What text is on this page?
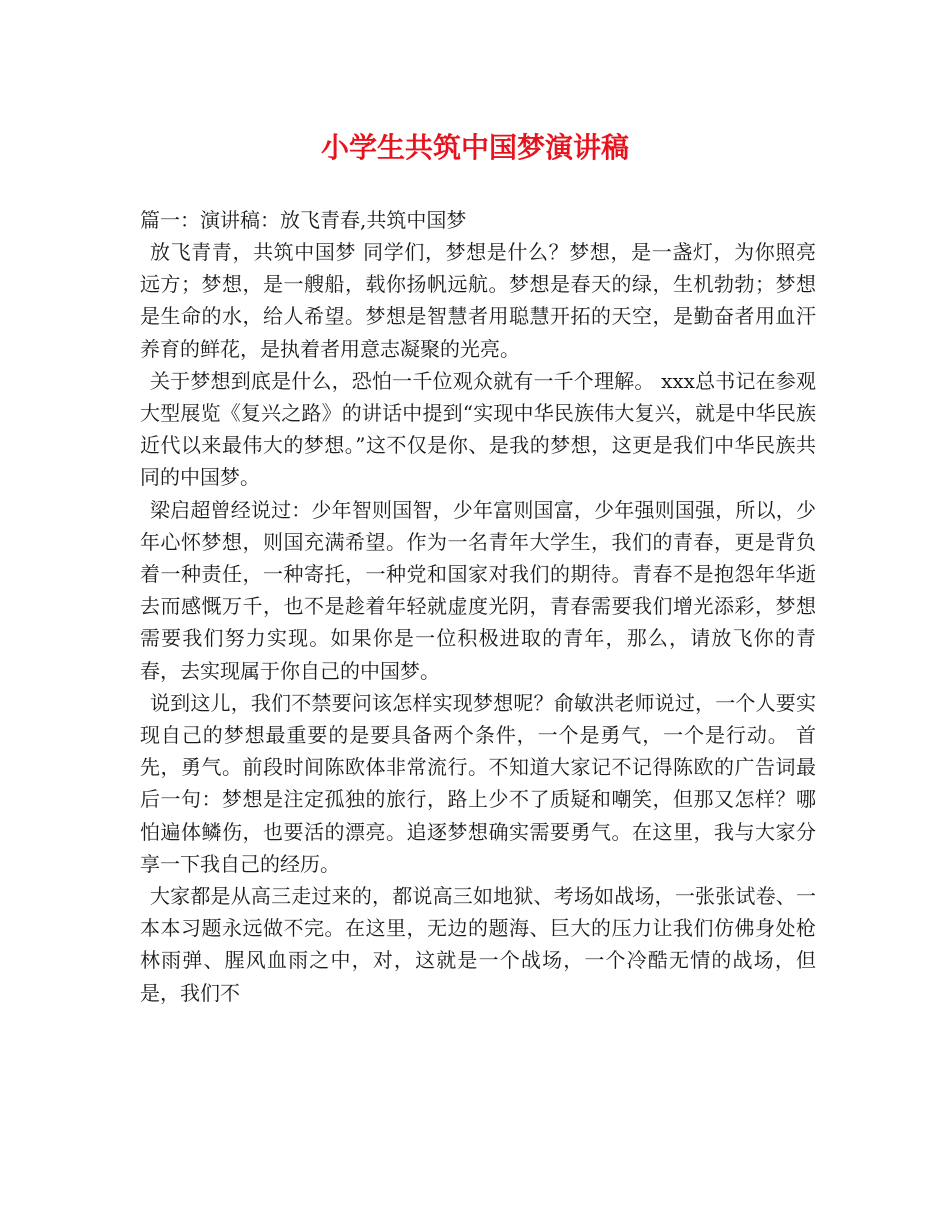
小学生共筑中国梦演讲稿

篇一：演讲稿：放飞青春,共筑中国梦

放飞青青，共筑中国梦 同学们，梦想是什么？梦想，是一盏灯，为你照亮远方；梦想，是一艘船，载你扬帆远航。梦想是春天的绿，生机勃勃；梦想是生命的水，给人希望。梦想是智慧者用聪慧开拓的天空，是勤奋者用血汗养育的鲜花，是执着者用意志凝聚的光亮。

关于梦想到底是什么，恐怕一千位观众就有一千个理解。 xxx总书记在参观大型展览《复兴之路》的讲话中提到“实现中华民族伟大复兴，就是中华民族近代以来最伟大的梦想。”这不仅是你、是我的梦想，这更是我们中华民族共同的中国梦。

梁启超曾经说过：少年智则国智，少年富则国富，少年强则国强，所以，少年心怀梦想，则国充满希望。作为一名青年大学生，我们的青春，更是背负着一种责任，一种寄托，一种党和国家对我们的期待。青春不是抱怨年华逝去而感慨万千，也不是趁着年轻就虚度光阴，青春需要我们增光添彩，梦想需要我们努力实现。如果你是一位积极进取的青年，那么，请放飞你的青春，去实现属于你自己的中国梦。

说到这儿，我们不禁要问该怎样实现梦想呢？俞敏洪老师说过，一个人要实现自己的梦想最重要的是要具备两个条件，一个是勇气，一个是行动。 首先，勇气。前段时间陈欧体非常流行。不知道大家记不记得陈欧的广告词最后一句：梦想是注定孤独的旅行，路上少不了质疑和嘲笑，但那又怎样？哪怕遍体鳞伤，也要活的漂亮。追逐梦想确实需要勇气。在这里，我与大家分享一下我自己的经历。

大家都是从高三走过来的，都说高三如地狱、考场如战场，一张张试卷、一本本习题永远做不完。在这里，无边的题海、巨大的压力让我们仿佛身处枪林雨弹、腥风血雨之中，对，这就是一个战场，一个冷酷无情的战场，但是，我们不
